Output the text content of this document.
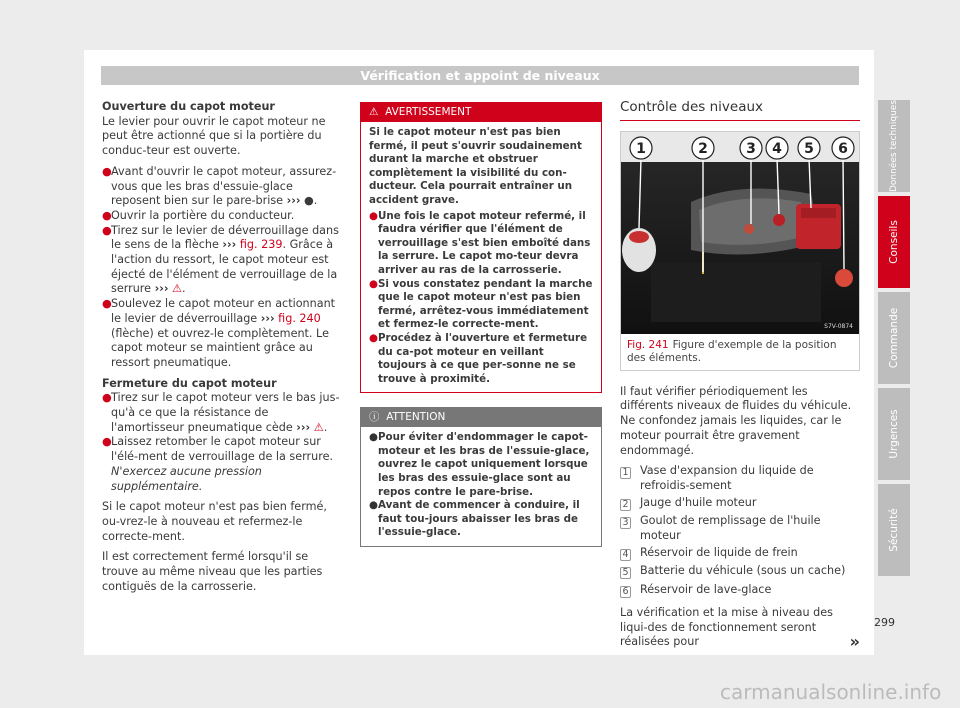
Vérification et appoint de niveaux
Ouverture du capot moteur
Le levier pour ouvrir le capot moteur ne peut être actionné que si la portière du conduc-teur est ouverte.
● Avant d'ouvrir le capot moteur, assurez-vous que les bras d'essuie-glace reposent bien sur le pare-brise ››› ●.
● Ouvrir la portière du conducteur.
● Tirez sur le levier de déverrouillage dans le sens de la flèche ››› fig. 239. Grâce à l'action du ressort, le capot moteur est éjecté de l'élément de verrouillage de la serrure ››› ⚠.
● Soulevez le capot moteur en actionnant le levier de déverrouillage ››› fig. 240 (flèche) et ouvrez-le complètement. Le capot moteur se maintient grâce au ressort pneumatique.
Fermeture du capot moteur
● Tirez sur le capot moteur vers le bas jus-qu'à ce que la résistance de l'amortisseur pneumatique cède ››› ⚠.
● Laissez retomber le capot moteur sur l'élé-ment de verrouillage de la serrure. N'exercez aucune pression supplémentaire.
Si le capot moteur n'est pas bien fermé, ou-vrez-le à nouveau et refermez-le correcte-ment.
Il est correctement fermé lorsqu'il se trouve au même niveau que les parties contiguës de la carrosserie.
⚠ AVERTISSEMENT

Si le capot moteur n'est pas bien fermé, il peut s'ouvrir soudainement durant la marche et obstruer complètement la visibilité du con-ducteur. Cela pourrait entraîner un accident grave.

● Une fois le capot moteur refermé, il faudra vérifier que l'élément de verrouillage s'est bien emboîté dans la serrure. Le capot mo-teur devra arriver au ras de la carrosserie.
● Si vous constatez pendant la marche que le capot moteur n'est pas bien fermé, arrêtez-vous immédiatement et fermez-le correcte-ment.
● Procédez à l'ouverture et fermeture du ca-pot moteur en veillant toujours à ce que per-sonne ne se trouve à proximité.
ⓘ ATTENTION
● Pour éviter d'endommager le capot-moteur et les bras de l'essuie-glace, ouvrez le capot uniquement lorsque les bras des essuie-glace sont au repos contre le pare-brise.
● Avant de commencer à conduire, il faut tou-jours abaisser les bras de l'essuie-glace.
Contrôle des niveaux
1	2	3 4 5 6
S7V-0874
Fig. 241 Figure d'exemple de la position des éléments.
Il faut vérifier périodiquement les différents niveaux de fluides du véhicule. Ne confondez jamais les liquides, car le moteur pourrait être gravement endommagé.
1	Vase d'expansion du liquide de refroidis-sement
2	Jauge d'huile moteur
3	Goulot de remplissage de l'huile moteur
4	Réservoir de liquide de frein
5	Batterie du véhicule (sous un cache)
6	Réservoir de lave-glace
La vérification et la mise à niveau des liqui-des de fonctionnement seront réalisées pour	»
Données techniques
Conseils
Commande
Urgences
Sécurité
299
carmanualsonline.info
